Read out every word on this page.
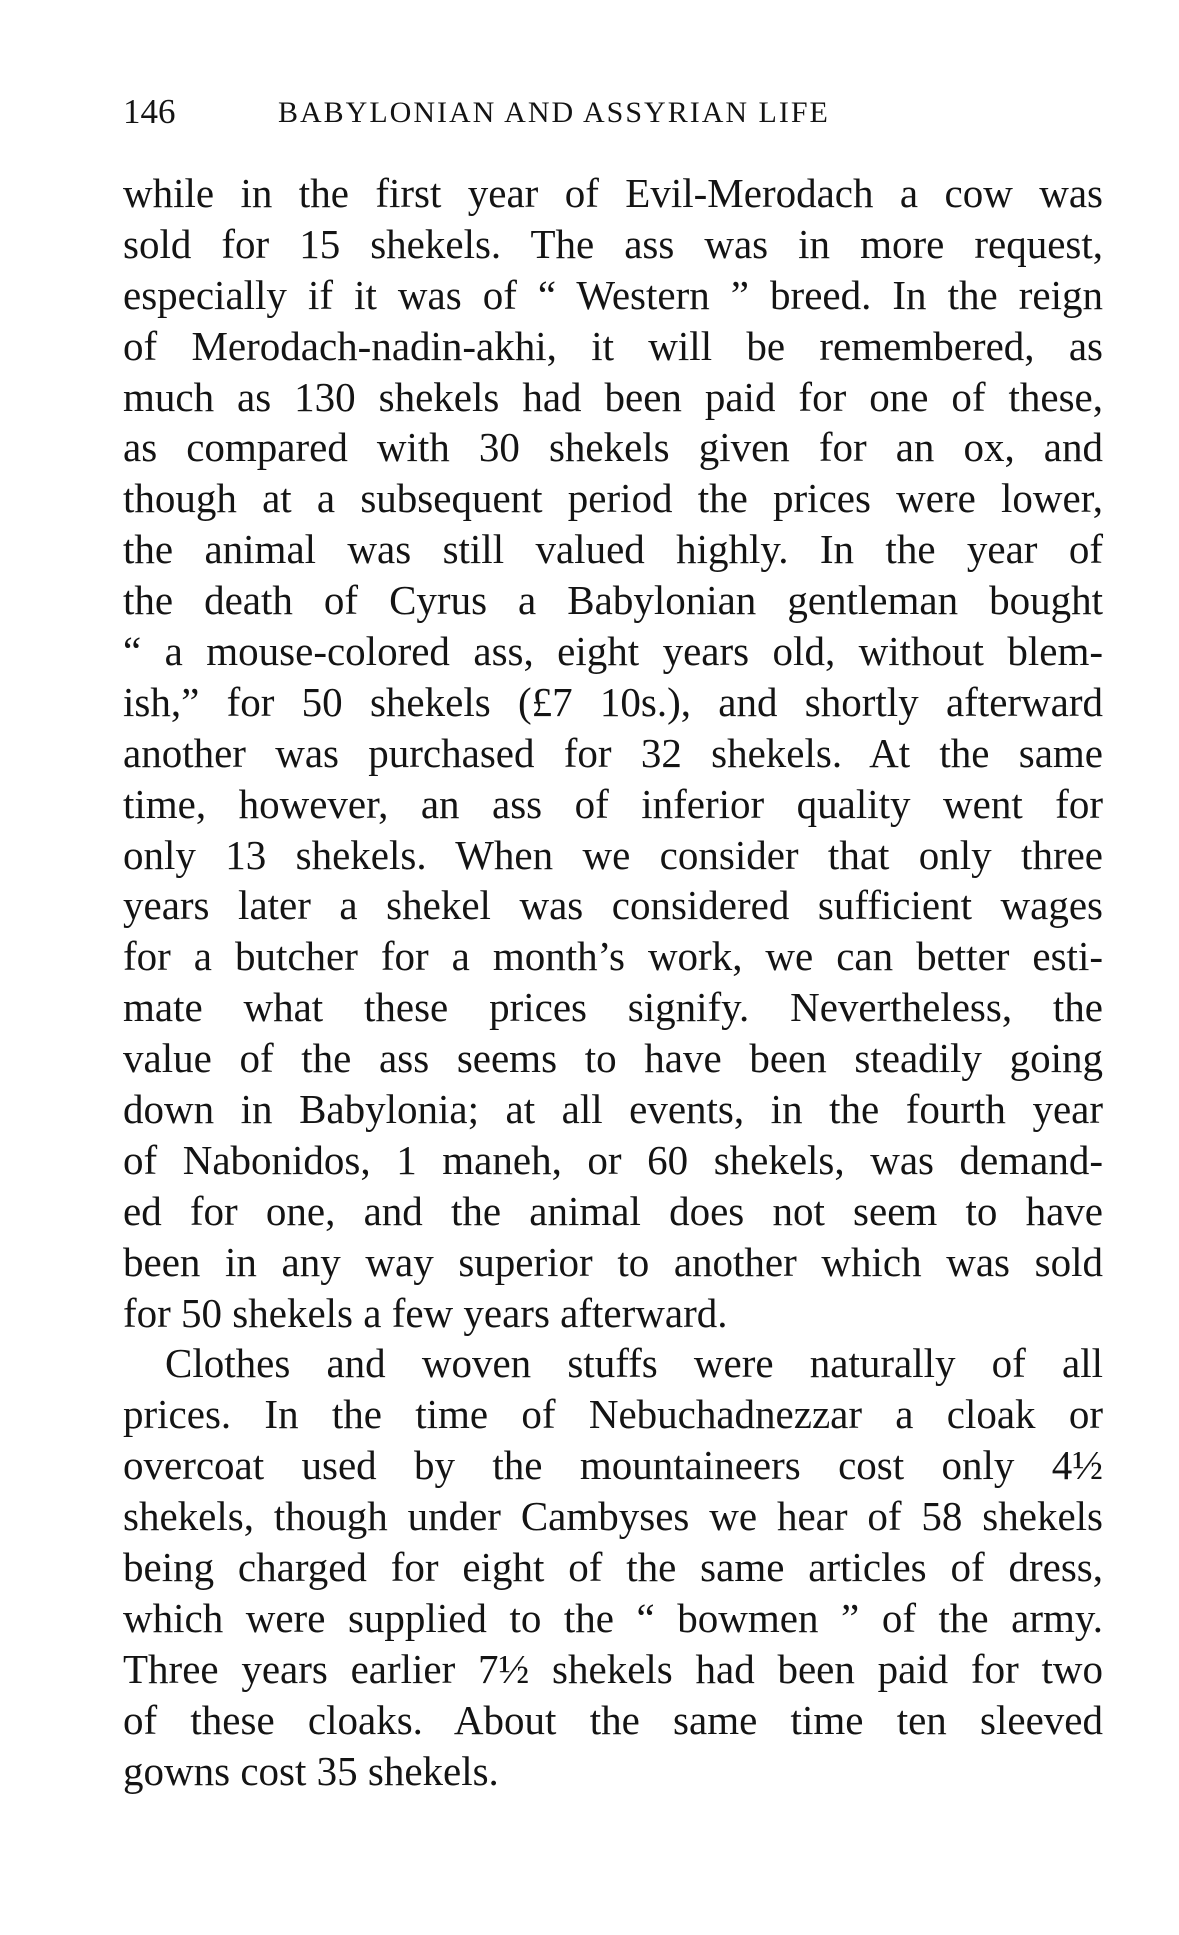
146	BABYLONIAN AND ASSYRIAN LIFE
while in the first year of Evil-Merodach a cow was
sold for 15 shekels. The ass was in more request,
especially if it was of “ Western ” breed. In the reign
of Merodach-nadin-akhi, it will be remembered, as
much as 130 shekels had been paid for one of these,
as compared with 30 shekels given for an ox, and
though at a subsequent period the prices were lower,
the animal was still valued highly. In the year of
the death of Cyrus a Babylonian gentleman bought
“ a mouse-colored ass, eight years old, without blem-
ish,” for 50 shekels (£7 10s.), and shortly afterward
another was purchased for 32 shekels. At the same
time, however, an ass of inferior quality went for
only 13 shekels. When we consider that only three
years later a shekel was considered sufficient wages
for a butcher for a month’s work, we can better esti-
mate what these prices signify. Nevertheless, the
value of the ass seems to have been steadily going
down in Babylonia; at all events, in the fourth year
of Nabonidos, 1 maneh, or 60 shekels, was demand-
ed for one, and the animal does not seem to have
been in any way superior to another which was sold
for 50 shekels a few years afterward.
Clothes and woven stuffs were naturally of all
prices. In the time of Nebuchadnezzar a cloak or
overcoat used by the mountaineers cost only 4½
shekels, though under Cambyses we hear of 58 shekels
being charged for eight of the same articles of dress,
which were supplied to the “ bowmen ” of the army.
Three years earlier 7½ shekels had been paid for two
of these cloaks. About the same time ten sleeved
gowns cost 35 shekels.
